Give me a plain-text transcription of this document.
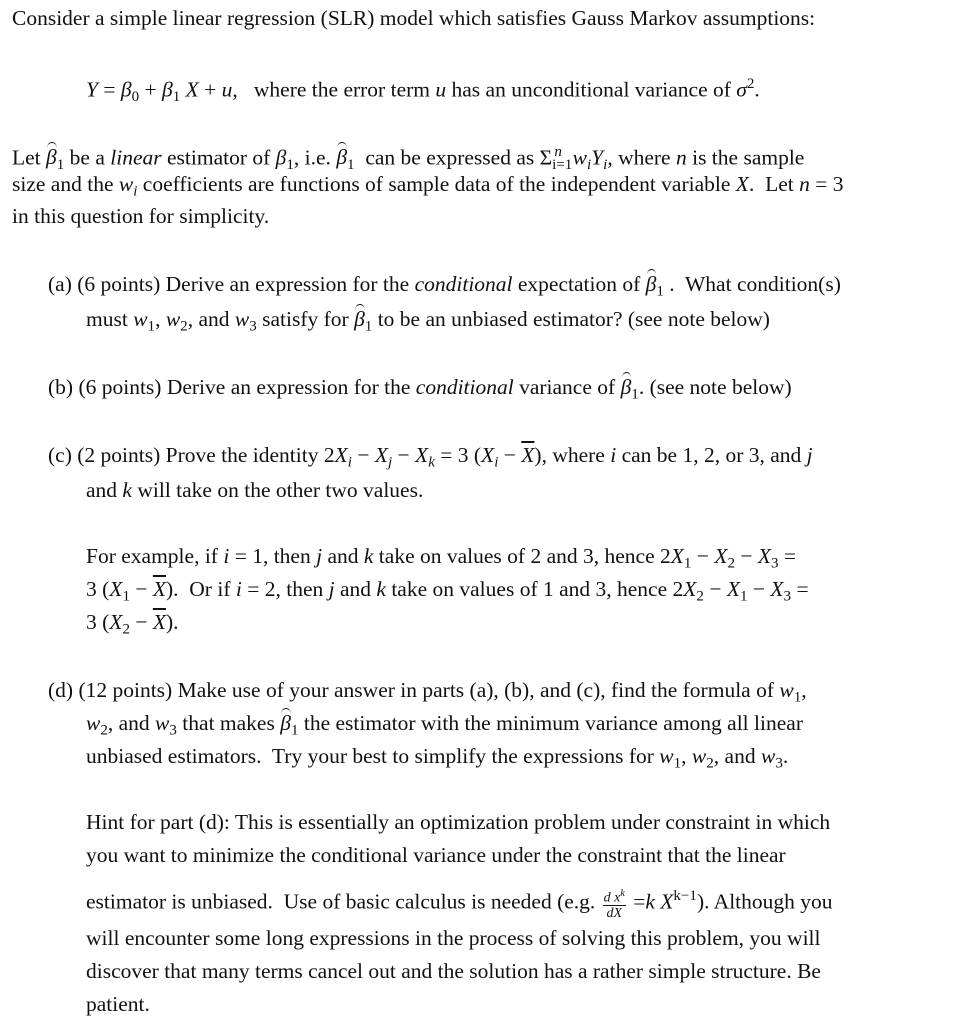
Consider a simple linear regression (SLR) model which satisfies Gauss Markov assumptions:
$Y = \beta_0 + \beta_1$ X + u,   where the error term u has an unconditional variance of $\sigma^2$.
Let $\beta_1$ be a linear estimator of $\beta_1$, i.e. $\beta_1$  can be expressed as $\Sigma_{i=1}^n$ $w_iY_i$, where n is the sample
size and the $w_i$ coefficients are functions of sample data of the independent variable X.  Let n = 3
in this question for simplicity.
(a) (6 points) Derive an expression for the conditional expectation of $\beta_1$ .  What condition(s)
must $w_1$, $w_2$, and $w_3$ satisfy for $\beta_1$ to be an unbiased estimator? (see note below)
(b) (6 points) Derive an expression for the conditional variance of $\beta_1$. (see note below)
(c) (2 points) Prove the identity $2X_i - X_j - X_k = 3$ $(X_i - \overline{X})$, where i can be 1, 2, or 3, and j
and k will take on the other two values.
For example, if i = 1, then j and k take on values of 2 and 3, hence $2X_1 - X_2 - X_3$ =
3 $(X_1 - \overline{X})$.  Or if i = 2, then j and k take on values of 1 and 3, hence $2X_2 - X_1 - X_3$ =
3 $(X_2 - \overline{X})$.
(d) (12 points) Make use of your answer in parts (a), (b), and (c), find the formula of $w_1$,
$w_2$, and $w_3$ that makes $\beta_1$ the estimator with the minimum variance among all linear
unbiased estimators.  Try your best to simplify the expressions for $w_1$, $w_2$, and $w_3$.
Hint for part (d): This is essentially an optimization problem under constraint in which
you want to minimize the conditional variance under the constraint that the linear
estimator is unbiased.  Use of basic calculus is needed (e.g. $\frac{d x^k}{dX} =k$ $X^{k-1}$). Although you
will encounter some long expressions in the process of solving this problem, you will
discover that many terms cancel out and the solution has a rather simple structure. Be
patient.
